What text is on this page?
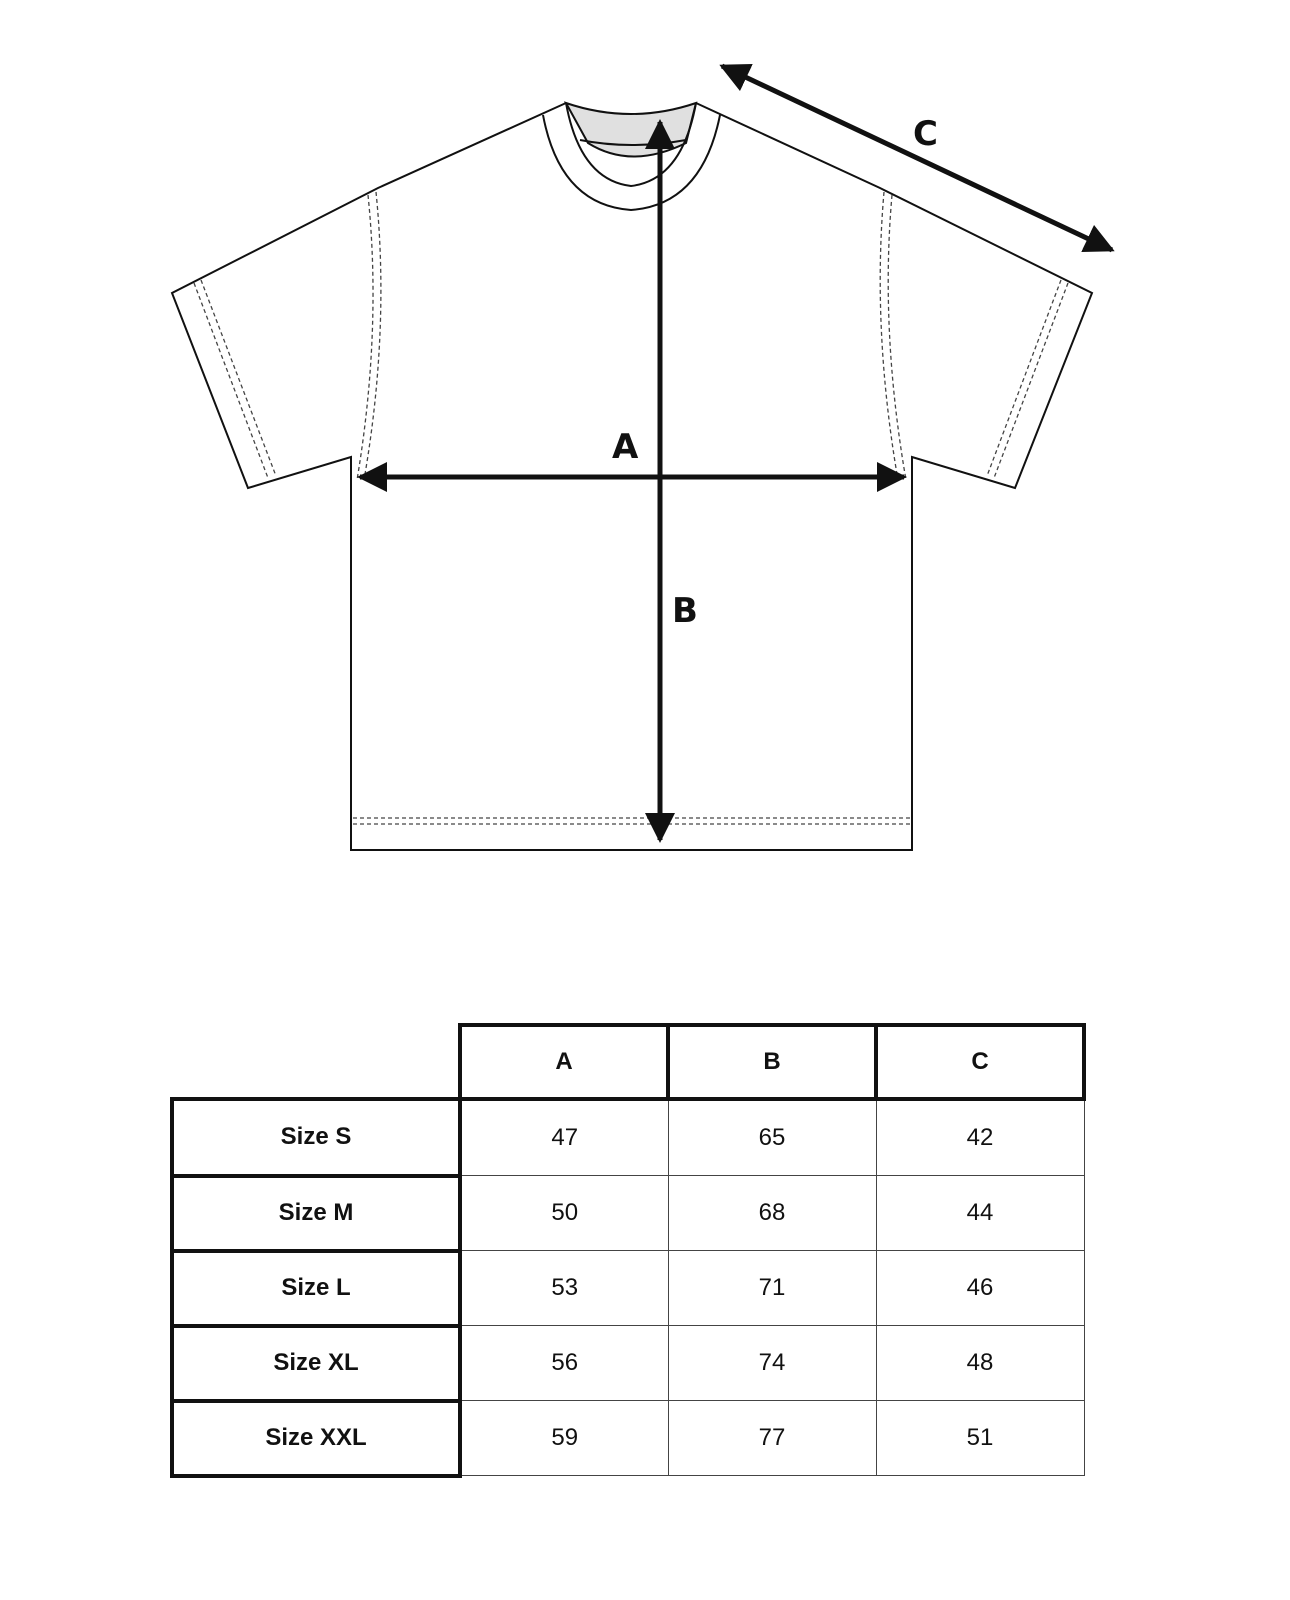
A
B
C
	A	B	C
Size S	47	65	42
Size M	50	68	44
Size L	53	71	46
Size XL	56	74	48
Size XXL	59	77	51
